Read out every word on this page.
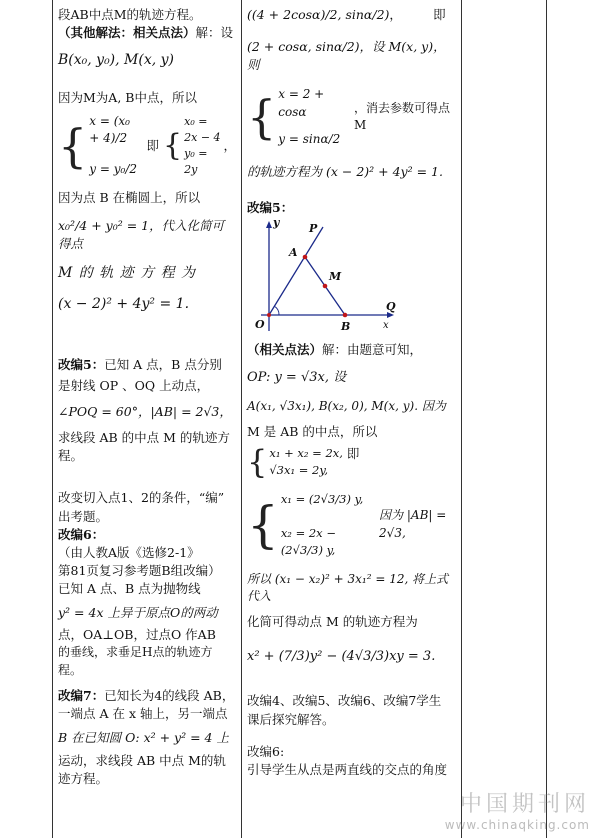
段AB中点M的轨迹方程。

（其他解法：相关点法）解：设

B(x₀, y₀), M(x, y)

因为M为A, B中点，所以

{ x = (x₀ + 4)/2
y = y₀/2
即 {
x₀ = 2x − 4
y₀ = 2y
，

因为点 B 在椭圆上，所以

x₀²/4 + y₀² = 1，代入化简可得点

M 的 轨 迹 方 程 为

(x − 2)² + 4y² = 1.

改编5：已知 A 点，B 点分别

是射线 OP 、OQ 上动点，

∠POQ = 60°，|AB| = 2√3，

求线段 AB 的中点 M 的轨迹方

程。

改变切入点1、2的条件，“编”

出考题。

改编6：（由人教A版《选修2-1》

第81页复习参考题B组改编）

已知 A 点、B 点为抛物线

y² = 4x 上异于原点O的两动

点，OA⊥OB，过点O 作AB

的垂线，求垂足H点的轨迹方程。

改编7：已知长为4的线段 AB，

一端点 A 在 x 轴上，另一端点

B 在已知圆 O: x² + y² = 4 上

运动，求线段 AB 中点 M的轨

迹方程。

((4 + 2cosα)/2, sinα/2)，　　　即

(2 + cosα, sinα/2)，设 M(x, y)，则

{ x = 2 + cosα
y = sinα/2
，消去参数可得点 M

的轨迹方程为 (x − 2)² + 4y² = 1.

改编5：

y	P
A
M
O	B
Q
x

（相关点法）解：由题意可知，

OP: y = √3x, 设

A(x₁, √3x₁), B(x₂, 0), M(x, y). 因为

M 是 AB 的中点，所以

{ x₁ + x₂ = 2x,
√3x₁ = 2y,
即
{ x₁ = (2√3/3) y,
x₂ = 2x − (2√3/3) y,
因为 |AB| = 2√3,

所以 (x₁ − x₂)² + 3x₁² = 12, 将上式代入

化简可得动点 M 的轨迹方程为

x² + (7/3)y² − (4√3/3)xy = 3.

改编4、改编5、改编6、改编7学生

课后探究解答。

改编6:

引导学生从点是两直线的交点的角度

中国期刊网
www.chinaqking.com
